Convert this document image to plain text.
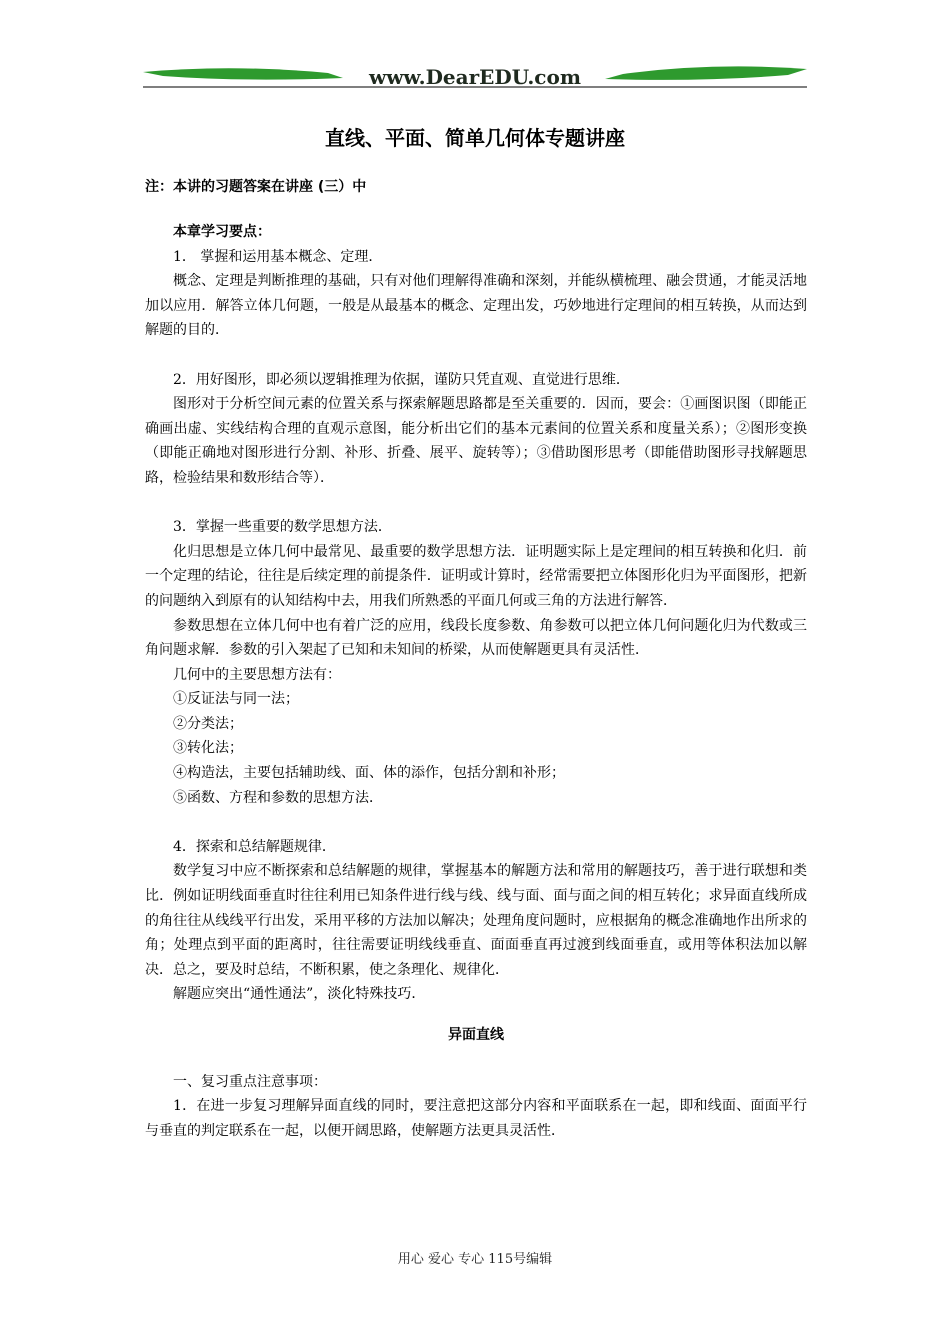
www.DearEDU.com
直线、平面、简单几何体专题讲座
注：本讲的习题答案在讲座 (三）中

本章学习要点：

1． 掌握和运用基本概念、定理．

概念、定理是判断推理的基础，只有对他们理解得准确和深刻，并能纵横梳理、融会贯通，才能灵活地加以应用．解答立体几何题，一般是从最基本的概念、定理出发，巧妙地进行定理间的相互转换，从而达到解题的目的．

2．用好图形，即必须以逻辑推理为依据，谨防只凭直观、直觉进行思维．

图形对于分析空间元素的位置关系与探索解题思路都是至关重要的．因而，要会：①画图识图（即能正确画出虚、实线结构合理的直观示意图，能分析出它们的基本元素间的位置关系和度量关系）；②图形变换（即能正确地对图形进行分割、补形、折叠、展平、旋转等）；③借助图形思考（即能借助图形寻找解题思路，检验结果和数形结合等）．

3．掌握一些重要的数学思想方法．

化归思想是立体几何中最常见、最重要的数学思想方法．证明题实际上是定理间的相互转换和化归．前一个定理的结论，往往是后续定理的前提条件．证明或计算时，经常需要把立体图形化归为平面图形，把新的问题纳入到原有的认知结构中去，用我们所熟悉的平面几何或三角的方法进行解答．

参数思想在立体几何中也有着广泛的应用，线段长度参数、角参数可以把立体几何问题化归为代数或三角问题求解．参数的引入架起了已知和未知间的桥梁，从而使解题更具有灵活性．

几何中的主要思想方法有：

①反证法与同一法；

②分类法；

③转化法；

④构造法，主要包括辅助线、面、体的添作，包括分割和补形；

⑤函数、方程和参数的思想方法．

4．探索和总结解题规律．

数学复习中应不断探索和总结解题的规律，掌握基本的解题方法和常用的解题技巧，善于进行联想和类比．例如证明线面垂直时往往利用已知条件进行线与线、线与面、面与面之间的相互转化；求异面直线所成的角往往从线线平行出发，采用平移的方法加以解决；处理角度问题时，应根据角的概念准确地作出所求的角；处理点到平面的距离时，往往需要证明线线垂直、面面垂直再过渡到线面垂直，或用等体积法加以解决．总之，要及时总结，不断积累，使之条理化、规律化．

解题应突出“通性通法”，淡化特殊技巧．

异面直线

一、复习重点注意事项：

1．在进一步复习理解异面直线的同时，要注意把这部分内容和平面联系在一起，即和线面、面面平行与垂直的判定联系在一起，以便开阔思路，使解题方法更具灵活性．

用心 爱心 专心 115号编辑
